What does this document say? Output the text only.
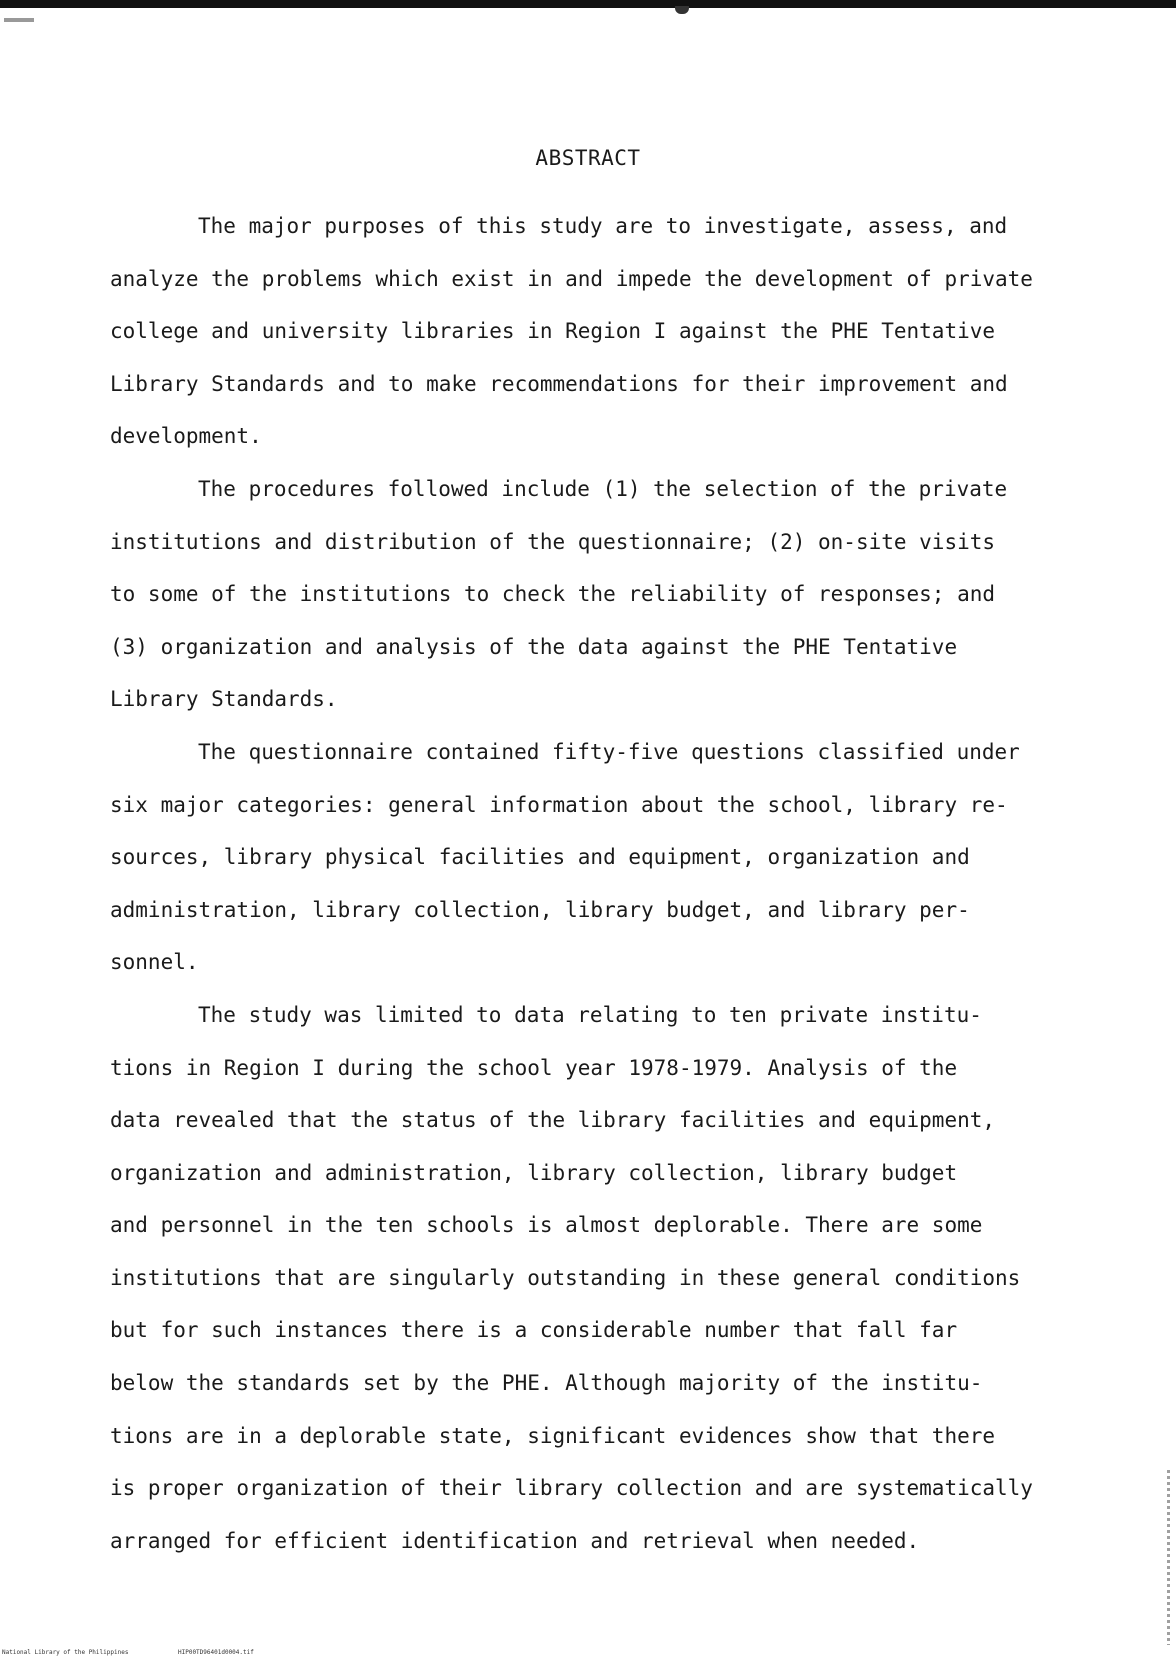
ABSTRACT

The major purposes of this study are to investigate, assess, and
analyze the problems which exist in and impede the development of private
college and university libraries in Region I against the PHE Tentative
Library Standards and to make recommendations for their improvement and
development.

The procedures followed include (1) the selection of the private
institutions and distribution of the questionnaire; (2) on-site visits
to some of the institutions to check the reliability of responses; and
(3) organization and analysis of the data against the PHE Tentative
Library Standards.

The questionnaire contained fifty-five questions classified under
six major categories: general information about the school, library re-
sources, library physical facilities and equipment, organization and
administration, library collection, library budget, and library per-
sonnel.

The study was limited to data relating to ten private institu-
tions in Region I during the school year 1978-1979. Analysis of the
data revealed that the status of the library facilities and equipment,
organization and administration, library collection, library budget
and personnel in the ten schools is almost deplorable. There are some
institutions that are singularly outstanding in these general conditions
but for such instances there is a considerable number that fall far
below the standards set by the PHE. Although majority of the institu-
tions are in a deplorable state, significant evidences show that there
is proper organization of their library collection and are systematically
arranged for efficient identification and retrieval when needed.

National Library of the Philippines	HIP00TD96401d0004.tif
